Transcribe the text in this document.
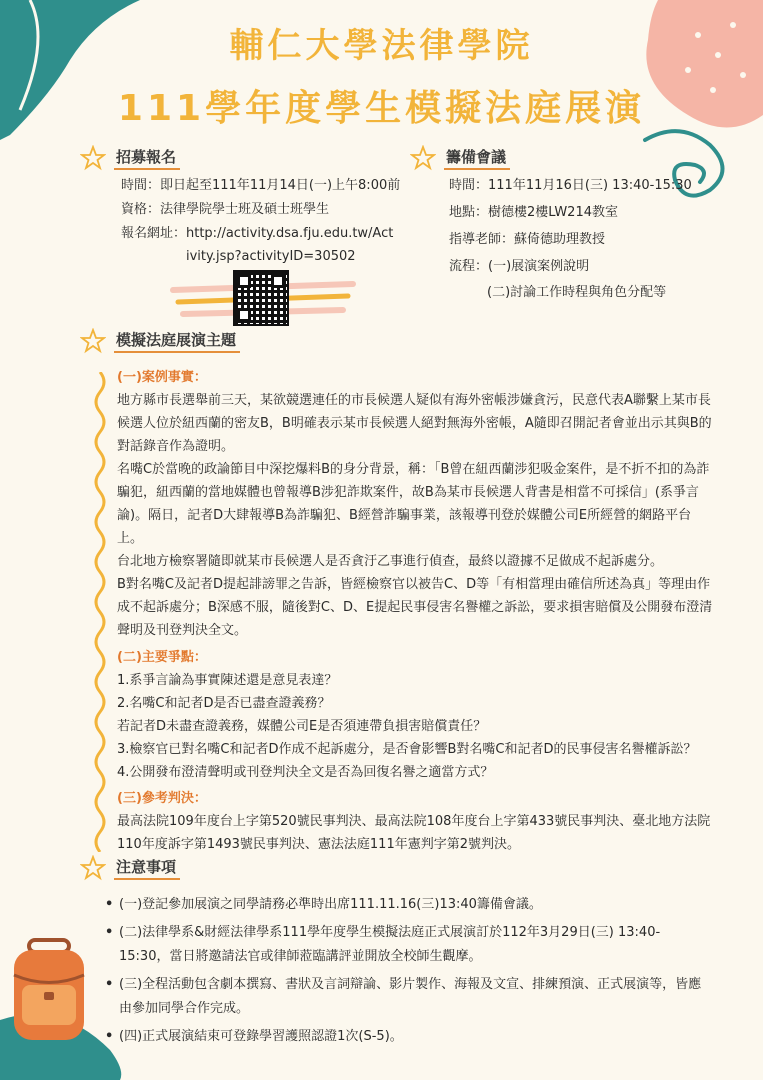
輔仁大學法律學院
111學年度學生模擬法庭展演
招募報名
時間：即日起至111年11月14日(一)上午8:00前
資格：法律學院學士班及碩士班學生
報名網址：http://activity.dsa.fju.edu.tw/Act
ivity.jsp?activityID=30502
籌備會議
時間：111年11月16日(三) 13:40-15:30
地點：樹德樓2樓LW214教室
指導老師：蘇倚德助理教授
流程：(一)展演案例說明
(二)討論工作時程與角色分配等
模擬法庭展演主題
(一)案例事實：
地方縣市長選舉前三天，某欲競選連任的市長候選人疑似有海外密帳涉嫌貪污，民意代表A聯繫上某市長候選人位於紐西蘭的密友B，B明確表示某市長候選人絕對無海外密帳，A隨即召開記者會並出示其與B的對話錄音作為證明。
名嘴C於當晚的政論節目中深挖爆料B的身分背景，稱：「B曾在紐西蘭涉犯吸金案件，是不折不扣的為詐騙犯，紐西蘭的當地媒體也曾報導B涉犯詐欺案件，故B為某市長候選人背書是相當不可採信」(系爭言論)。隔日，記者D大肆報導B為詐騙犯、B經營詐騙事業，該報導刊登於媒體公司E所經營的網路平台上。
台北地方檢察署隨即就某市長候選人是否貪汙乙事進行偵查，最終以證據不足做成不起訴處分。
B對名嘴C及記者D提起誹謗罪之告訴，皆經檢察官以被告C、D等「有相當理由確信所述為真」等理由作成不起訴處分；B深感不服，隨後對C、D、E提起民事侵害名譽權之訴訟，要求損害賠償及公開發布澄清聲明及刊登判決全文。
(二)主要爭點：
1.系爭言論為事實陳述還是意見表達？
2.名嘴C和記者D是否已盡查證義務？
若記者D未盡查證義務，媒體公司E是否須連帶負損害賠償責任？
3.檢察官已對名嘴C和記者D作成不起訴處分，是否會影響B對名嘴C和記者D的民事侵害名譽權訴訟？
4.公開發布澄清聲明或刊登判決全文是否為回復名譽之適當方式？
(三)參考判決：
最高法院109年度台上字第520號民事判決、最高法院108年度台上字第433號民事判決、臺北地方法院110年度訴字第1493號民事判決、憲法法庭111年憲判字第2號判決。
注意事項
• (一)登記參加展演之同學請務必準時出席111.11.16(三)13:40籌備會議。
• (二)法律學系&財經法律學系111學年度學生模擬法庭正式展演訂於112年3月29日(三) 13:40-15:30，當日將邀請法官或律師蒞臨講評並開放全校師生觀摩。
• (三)全程活動包含劇本撰寫、書狀及言詞辯論、影片製作、海報及文宣、排練預演、正式展演等，皆應由參加同學合作完成。
• (四)正式展演結束可登錄學習護照認證1次(S-5)。
